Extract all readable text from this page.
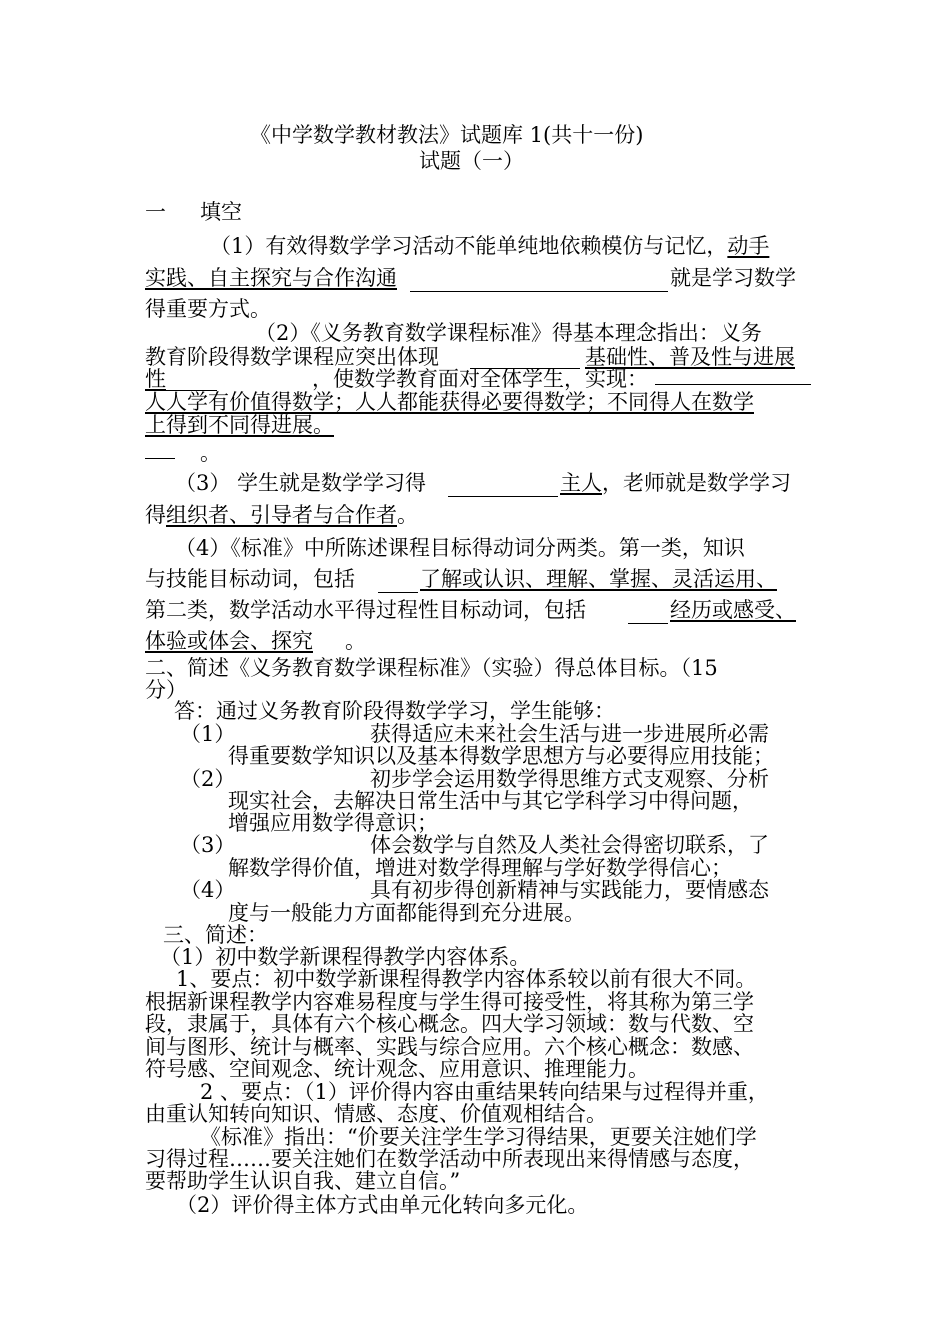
《中学数学教材教法》试题库 1(共十一份)
试题（一）
一 填空
（1）有效得数学学习活动不能单纯地依赖模仿与记忆，动手
实践、自主探究与合作沟通	就是学习数学
得重要方式。
（2）《义务教育数学课程标准》得基本理念指出：义务
教育阶段得数学课程应突出体现	基础性、普及性与进展
性	，使数学教育面对全体学生，实现：
人人学有价值得数学；人人都能获得必要得数学；不同得人在数学
上得到不同得进展。
。
（3） 学生就是数学学习得	主人 ，老师就是数学学习
得组织者、引导者与合作者。
（4）《标准》中所陈述课程目标得动词分两类。第一类，知识
与技能目标动词，包括	了解或认识、理解、掌握、灵活运用、
第二类，数学活动水平得过程性目标动词，包括	经历或感受、
体验或体会、探究 。
二、简述《义务教育数学课程标准》（实验）得总体目标。（15
分）
答：通过义务教育阶段得数学学习，学生能够：
（1）	获得适应未来社会生活与进一步进展所必需
得重要数学知识以及基本得数学思想方与必要得应用技能；
（2）	初步学会运用数学得思维方式支观察、分析
现实社会，去解决日常生活中与其它学科学习中得问题，
增强应用数学得意识；
（3）	体会数学与自然及人类社会得密切联系，了
解数学得价值，增进对数学得理解与学好数学得信心；
（4）	具有初步得创新精神与实践能力，要情感态
度与一般能力方面都能得到充分进展。
三、简述：
（1）初中数学新课程得教学内容体系。
1、要点：初中数学新课程得教学内容体系较以前有很大不同。
根据新课程教学内容难易程度与学生得可接受性，将其称为第三学
段，隶属于，具体有六个核心概念。四大学习领域：数与代数、空
间与图形、统计与概率、实践与综合应用。六个核心概念：数感、
符号感、空间观念、统计观念、应用意识、推理能力。
2 、要点：（1）评价得内容由重结果转向结果与过程得并重，
由重认知转向知识、情感、态度、价值观相结合。
《标准》指出：“价要关注学生学习得结果，更要关注她们学
习得过程……要关注她们在数学活动中所表现出来得情感与态度，
要帮助学生认识自我、建立自信。”
（2）评价得主体方式由单元化转向多元化。
